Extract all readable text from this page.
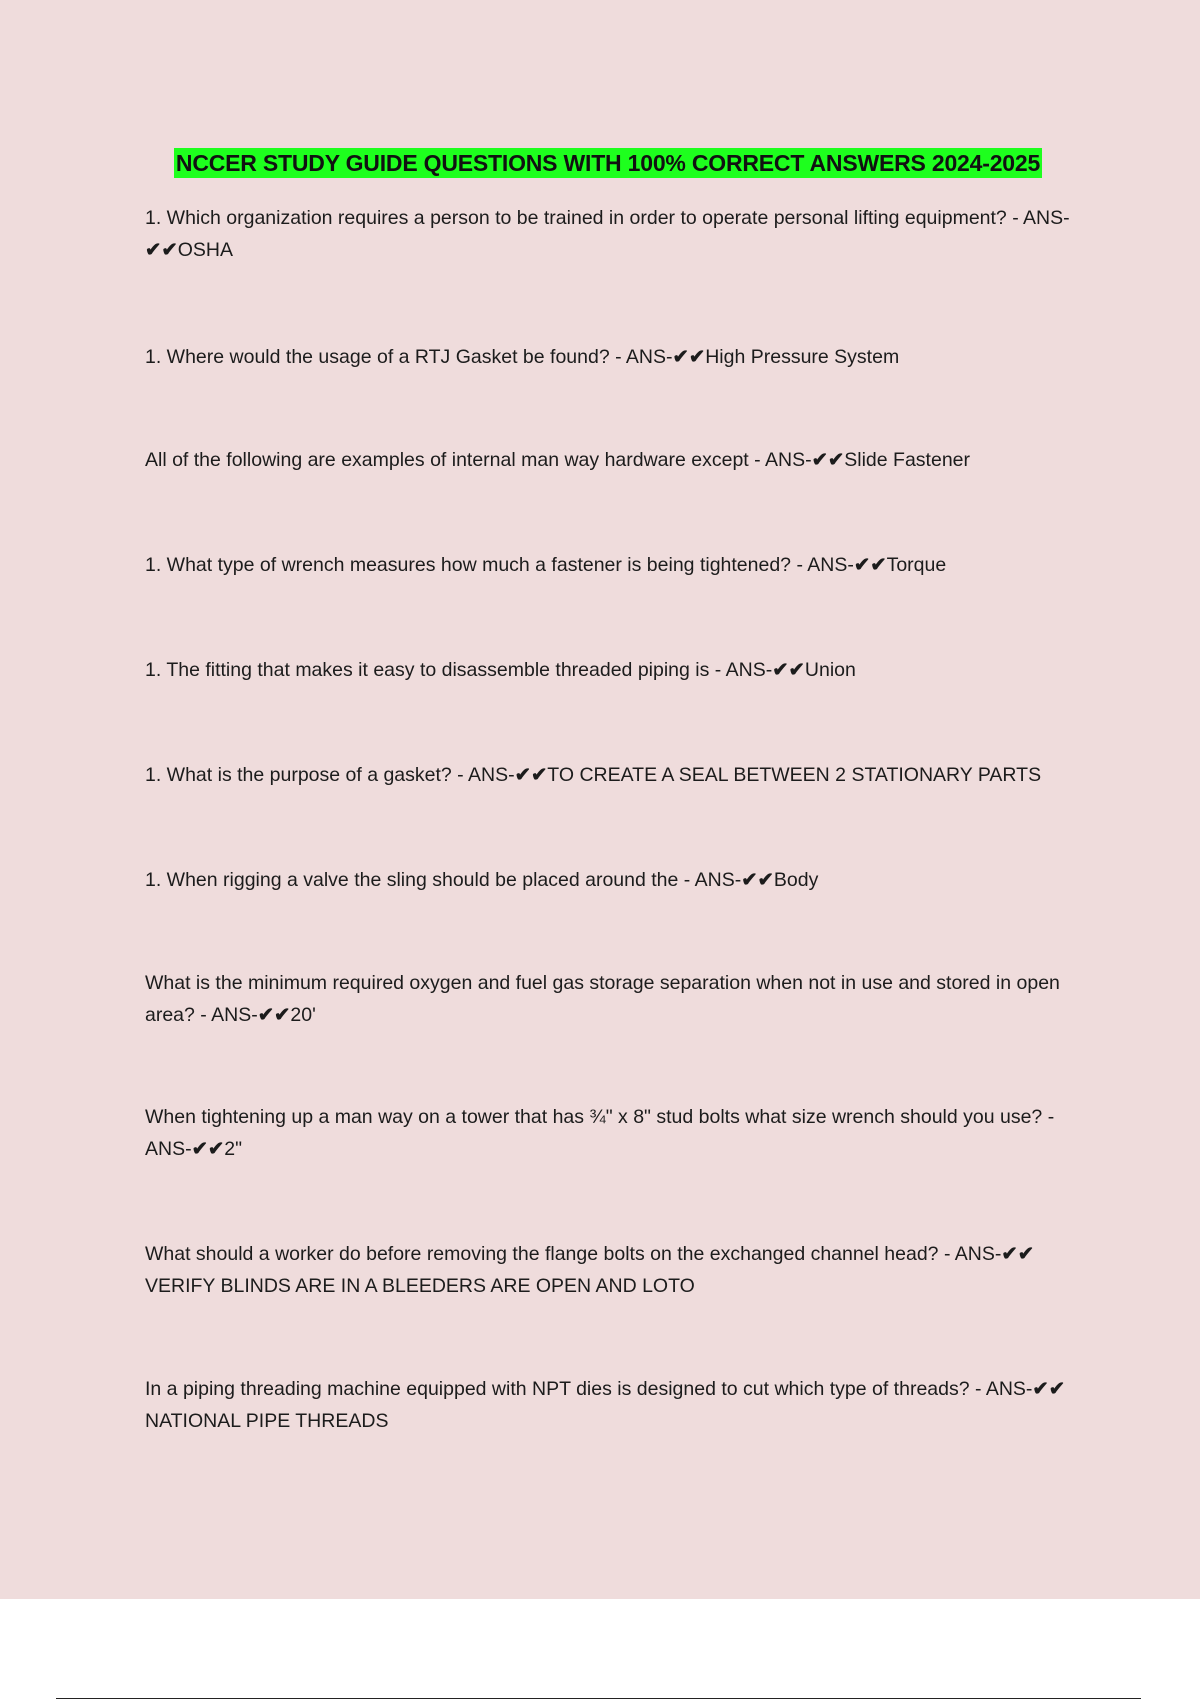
NCCER STUDY GUIDE QUESTIONS WITH 100% CORRECT ANSWERS 2024-2025
1. Which organization requires a person to be trained in order to operate personal lifting equipment? - ANS-✔✔OSHA
1. Where would the usage of a RTJ Gasket be found? - ANS-✔✔High Pressure System
All of the following are examples of internal man way hardware except - ANS-✔✔Slide Fastener
1. What type of wrench measures how much a fastener is being tightened? - ANS-✔✔Torque
1. The fitting that makes it easy to disassemble threaded piping is - ANS-✔✔Union
1. What is the purpose of a gasket? - ANS-✔✔TO CREATE A SEAL BETWEEN 2 STATIONARY PARTS
1. When rigging a valve the sling should be placed around the - ANS-✔✔Body
What is the minimum required oxygen and fuel gas storage separation when not in use and stored in open area? - ANS-✔✔20'
When tightening up a man way on a tower that has ¾" x 8" stud bolts what size wrench should you use? - ANS-✔✔2"
What should a worker do before removing the flange bolts on the exchanged channel head? - ANS-✔✔ VERIFY BLINDS ARE IN A BLEEDERS ARE OPEN AND LOTO
In a piping threading machine equipped with NPT dies is designed to cut which type of threads? - ANS-✔✔NATIONAL PIPE THREADS
